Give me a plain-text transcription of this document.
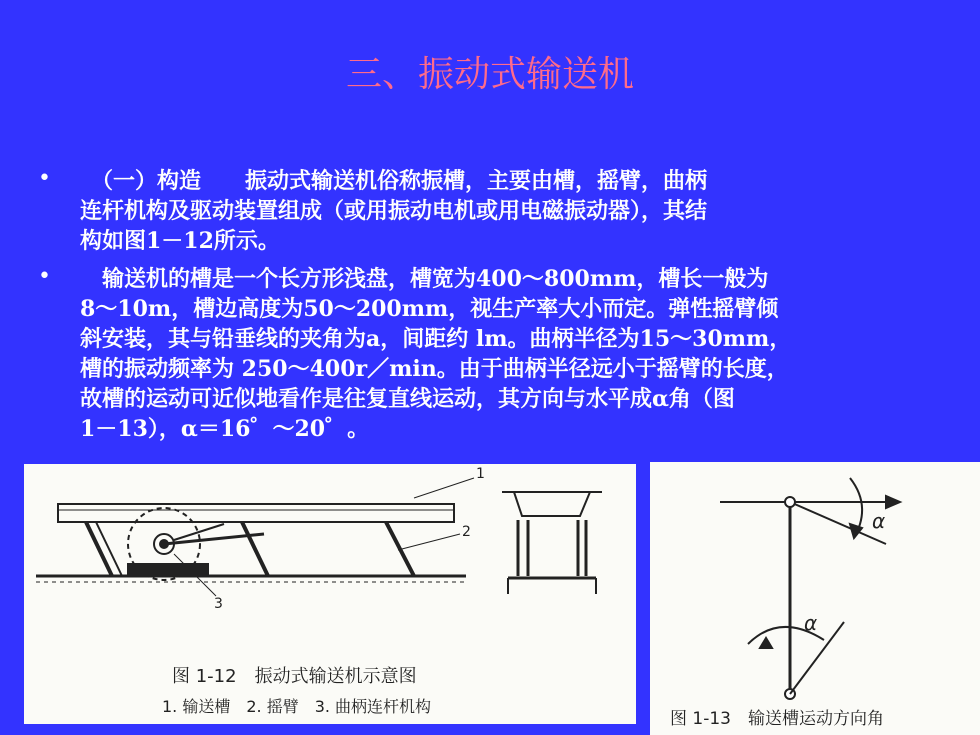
三、振动式输送机
• 　（一）构造　　振动式输送机俗称振槽，主要由槽，摇臂，曲柄
连杆机构及驱动装置组成（或用振动电机或用电磁振动器），其结
构如图1－12所示。
• 　输送机的槽是一个长方形浅盘，槽宽为400～800mm，槽长一般为
8～10m，槽边高度为50～200mm，视生产率大小而定。弹性摇臂倾
斜安装，其与铅垂线的夹角为a，间距约 lm。曲柄半径为15～30mm，
槽的振动频率为 250～400r／min。由于曲柄半径远小于摇臂的长度，
故槽的运动可近似地看作是往复直线运动，其方向与水平成α角（图
1－13），α＝16゜～20゜。
1
2
3
图 1-12　振动式输送机示意图
1. 输送槽　2. 摇臂　3. 曲柄连杆机构
α
α
图 1-13　输送槽运动方向角
